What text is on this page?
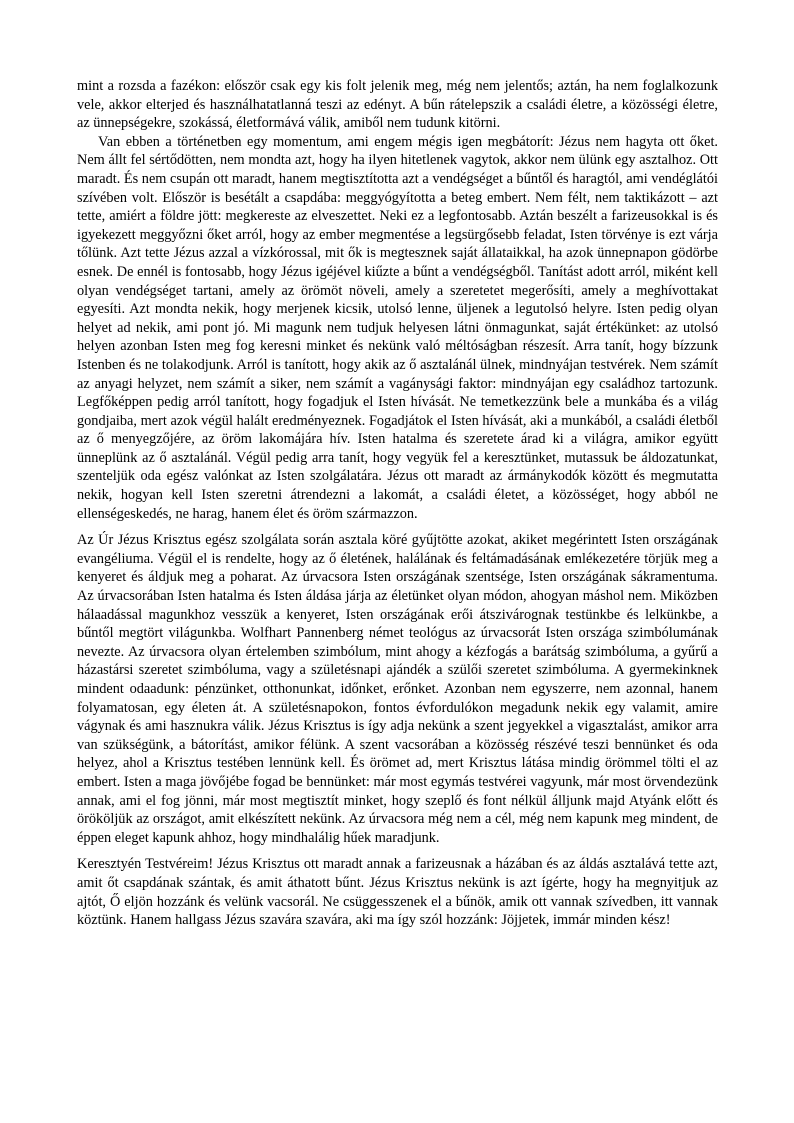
mint a rozsda a fazékon: először csak egy kis folt jelenik meg, még nem jelentős; aztán, ha nem foglalkozunk vele, akkor elterjed és használhatatlanná teszi az edényt. A bűn rátelepszik a családi életre, a közösségi életre, az ünnepségekre, szokássá, életformává válik, amiből nem tudunk kitörni.

Van ebben a történetben egy momentum, ami engem mégis igen megbátorít: Jézus nem hagyta ott őket. Nem állt fel sértődötten, nem mondta azt, hogy ha ilyen hitetlenek vagytok, akkor nem ülünk egy asztalhoz. Ott maradt. És nem csupán ott maradt, hanem megtisztította azt a vendégséget a bűntől és haragtól, ami vendéglátói szívében volt. Először is besétált a csapdába: meggyógyította a beteg embert. Nem félt, nem taktikázott – azt tette, amiért a földre jött: megkereste az elveszettet. Neki ez a legfontosabb. Aztán beszélt a farizeusokkal is és igyekezett meggyőzni őket arról, hogy az ember megmentése a legsürgősebb feladat, Isten törvénye is ezt várja tőlünk. Azt tette Jézus azzal a vízkórossal, mit ők is megtesznek saját állataikkal, ha azok ünnepnapon gödörbe esnek. De ennél is fontosabb, hogy Jézus igéjével kiűzte a bűnt a vendégségből. Tanítást adott arról, miként kell olyan vendégséget tartani, amely az örömöt növeli, amely a szeretetet megerősíti, amely a meghívottakat egyesíti. Azt mondta nekik, hogy merjenek kicsik, utolsó lenne, üljenek a legutolsó helyre. Isten pedig olyan helyet ad nekik, ami pont jó. Mi magunk nem tudjuk helyesen látni önmagunkat, saját értékünket: az utolsó helyen azonban Isten meg fog keresni minket és nekünk való méltóságban részesít. Arra tanít, hogy bízzunk Istenben és ne tolakodjunk. Arról is tanított, hogy akik az ő asztalánál ülnek, mindnyájan testvérek. Nem számít az anyagi helyzet, nem számít a siker, nem számít a vagánysági faktor: mindnyájan egy családhoz tartozunk. Legfőképpen pedig arról tanított, hogy fogadjuk el Isten hívását. Ne temetkezzünk bele a munkába és a világ gondjaiba, mert azok végül halált eredményeznek. Fogadjátok el Isten hívását, aki a munkából, a családi életből az ő menyegzőjére, az öröm lakomájára hív. Isten hatalma és szeretete árad ki a világra, amikor együtt ünneplünk az ő asztalánál. Végül pedig arra tanít, hogy vegyük fel a keresztünket, mutassuk be áldozatunkat, szenteljük oda egész valónkat az Isten szolgálatára. Jézus ott maradt az ármánykodók között és megmutatta nekik, hogyan kell Isten szeretni átrendezni a lakomát, a családi életet, a közösséget, hogy abból ne ellenségeskedés, ne harag, hanem élet és öröm származzon.

Az Úr Jézus Krisztus egész szolgálata során asztala köré gyűjtötte azokat, akiket megérintett Isten országának evangéliuma. Végül el is rendelte, hogy az ő életének, halálának és feltámadásának emlékezetére törjük meg a kenyeret és áldjuk meg a poharat. Az úrvacsora Isten országának szentsége, Isten országának sákramentuma. Az úrvacsorában Isten hatalma és Isten áldása járja az életünket olyan módon, ahogyan máshol nem. Miközben hálaadással magunkhoz vesszük a kenyeret, Isten országának erői átszivárognak testünkbe és lelkünkbe, a bűntől megtört világunkba. Wolfhart Pannenberg német teológus az úrvacsorát Isten országa szimbólumának nevezte. Az úrvacsora olyan értelemben szimbólum, mint ahogy a kézfogás a barátság szimbóluma, a gyűrű a házastársi szeretet szimbóluma, vagy a születésnapi ajándék a szülői szeretet szimbóluma. A gyermekinknek mindent odaadunk: pénzünket, otthonunkat, időnket, erőnket. Azonban nem egyszerre, nem azonnal, hanem folyamatosan, egy életen át. A születésnapokon, fontos évfordulókon megadunk nekik egy valamit, amire vágynak és ami hasznukra válik. Jézus Krisztus is így adja nekünk a szent jegyekkel a vigasztalást, amikor arra van szükségünk, a bátorítást, amikor félünk. A szent vacsorában a közösség részévé teszi bennünket és oda helyez, ahol a Krisztus testében lennünk kell. És örömet ad, mert Krisztus látása mindig örömmel tölti el az embert. Isten a maga jövőjébe fogad be bennünket: már most egymás testvérei vagyunk, már most örvendezünk annak, ami el fog jönni, már most megtisztít minket, hogy szeplő és font nélkül álljunk majd Atyánk előtt és örököljük az országot, amit elkészített nekünk. Az úrvacsora még nem a cél, még nem kapunk meg mindent, de éppen eleget kapunk ahhoz, hogy mindhalálig hűek maradjunk.

Keresztyén Testvéreim! Jézus Krisztus ott maradt annak a farizeusnak a házában és az áldás asztalává tette azt, amit őt csapdának szántak, és amit áthatott bűnt. Jézus Krisztus nekünk is azt ígérte, hogy ha megnyitjuk az ajtót, Ő eljön hozzánk és velünk vacsorál. Ne csüggesszenek el a bűnök, amik ott vannak szívedben, itt vannak köztünk. Hanem hallgass Jézus szavára szavára, aki ma így szól hozzánk: Jöjjetek, immár minden kész!
